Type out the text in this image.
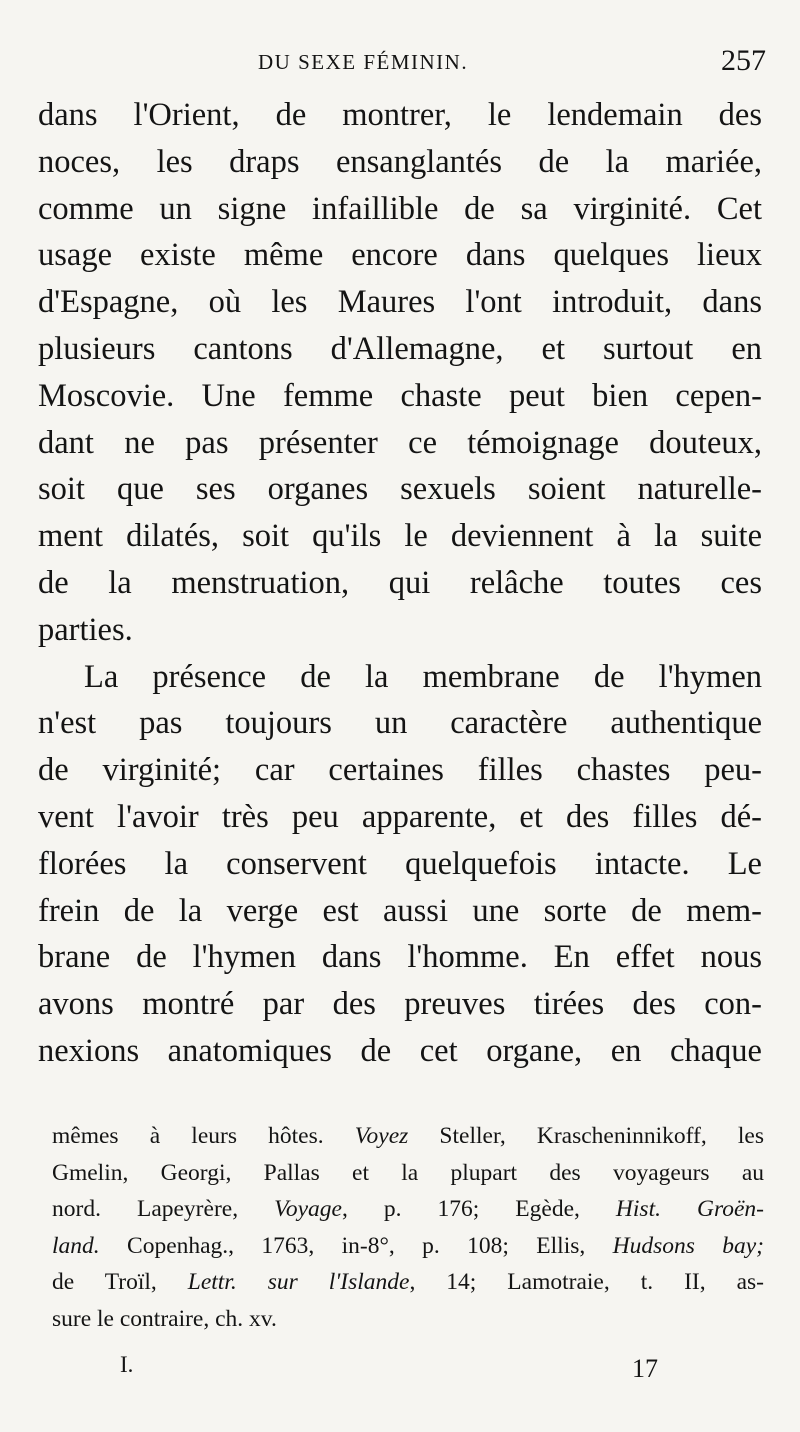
DU SEXE FÉMININ.	257
dans l'Orient, de montrer, le lendemain des
noces, les draps ensanglantés de la mariée,
comme un signe infaillible de sa virginité. Cet
usage existe même encore dans quelques lieux
d'Espagne, où les Maures l'ont introduit, dans
plusieurs cantons d'Allemagne, et surtout en
Moscovie. Une femme chaste peut bien cepen-
dant ne pas présenter ce témoignage douteux,
soit que ses organes sexuels soient naturelle-
ment dilatés, soit qu'ils le deviennent à la suite
de la menstruation, qui relâche toutes ces
parties.
La présence de la membrane de l'hymen
n'est pas toujours un caractère authentique
de virginité; car certaines filles chastes peu-
vent l'avoir très peu apparente, et des filles dé-
florées la conservent quelquefois intacte. Le
frein de la verge est aussi une sorte de mem-
brane de l'hymen dans l'homme. En effet nous
avons montré par des preuves tirées des con-
nexions anatomiques de cet organe, en chaque
mêmes à leurs hôtes. Voyez Steller, Krascheninnikoff, les
Gmelin, Georgi, Pallas et la plupart des voyageurs au
nord. Lapeyrère, Voyage, p. 176; Egède, Hist. Groën-
land. Copenhag., 1763, in-8°, p. 108; Ellis, Hudsons bay;
de Troïl, Lettr. sur l'Islande, 14; Lamotraie, t. II, as-
sure le contraire, ch. xv.
I.	17
